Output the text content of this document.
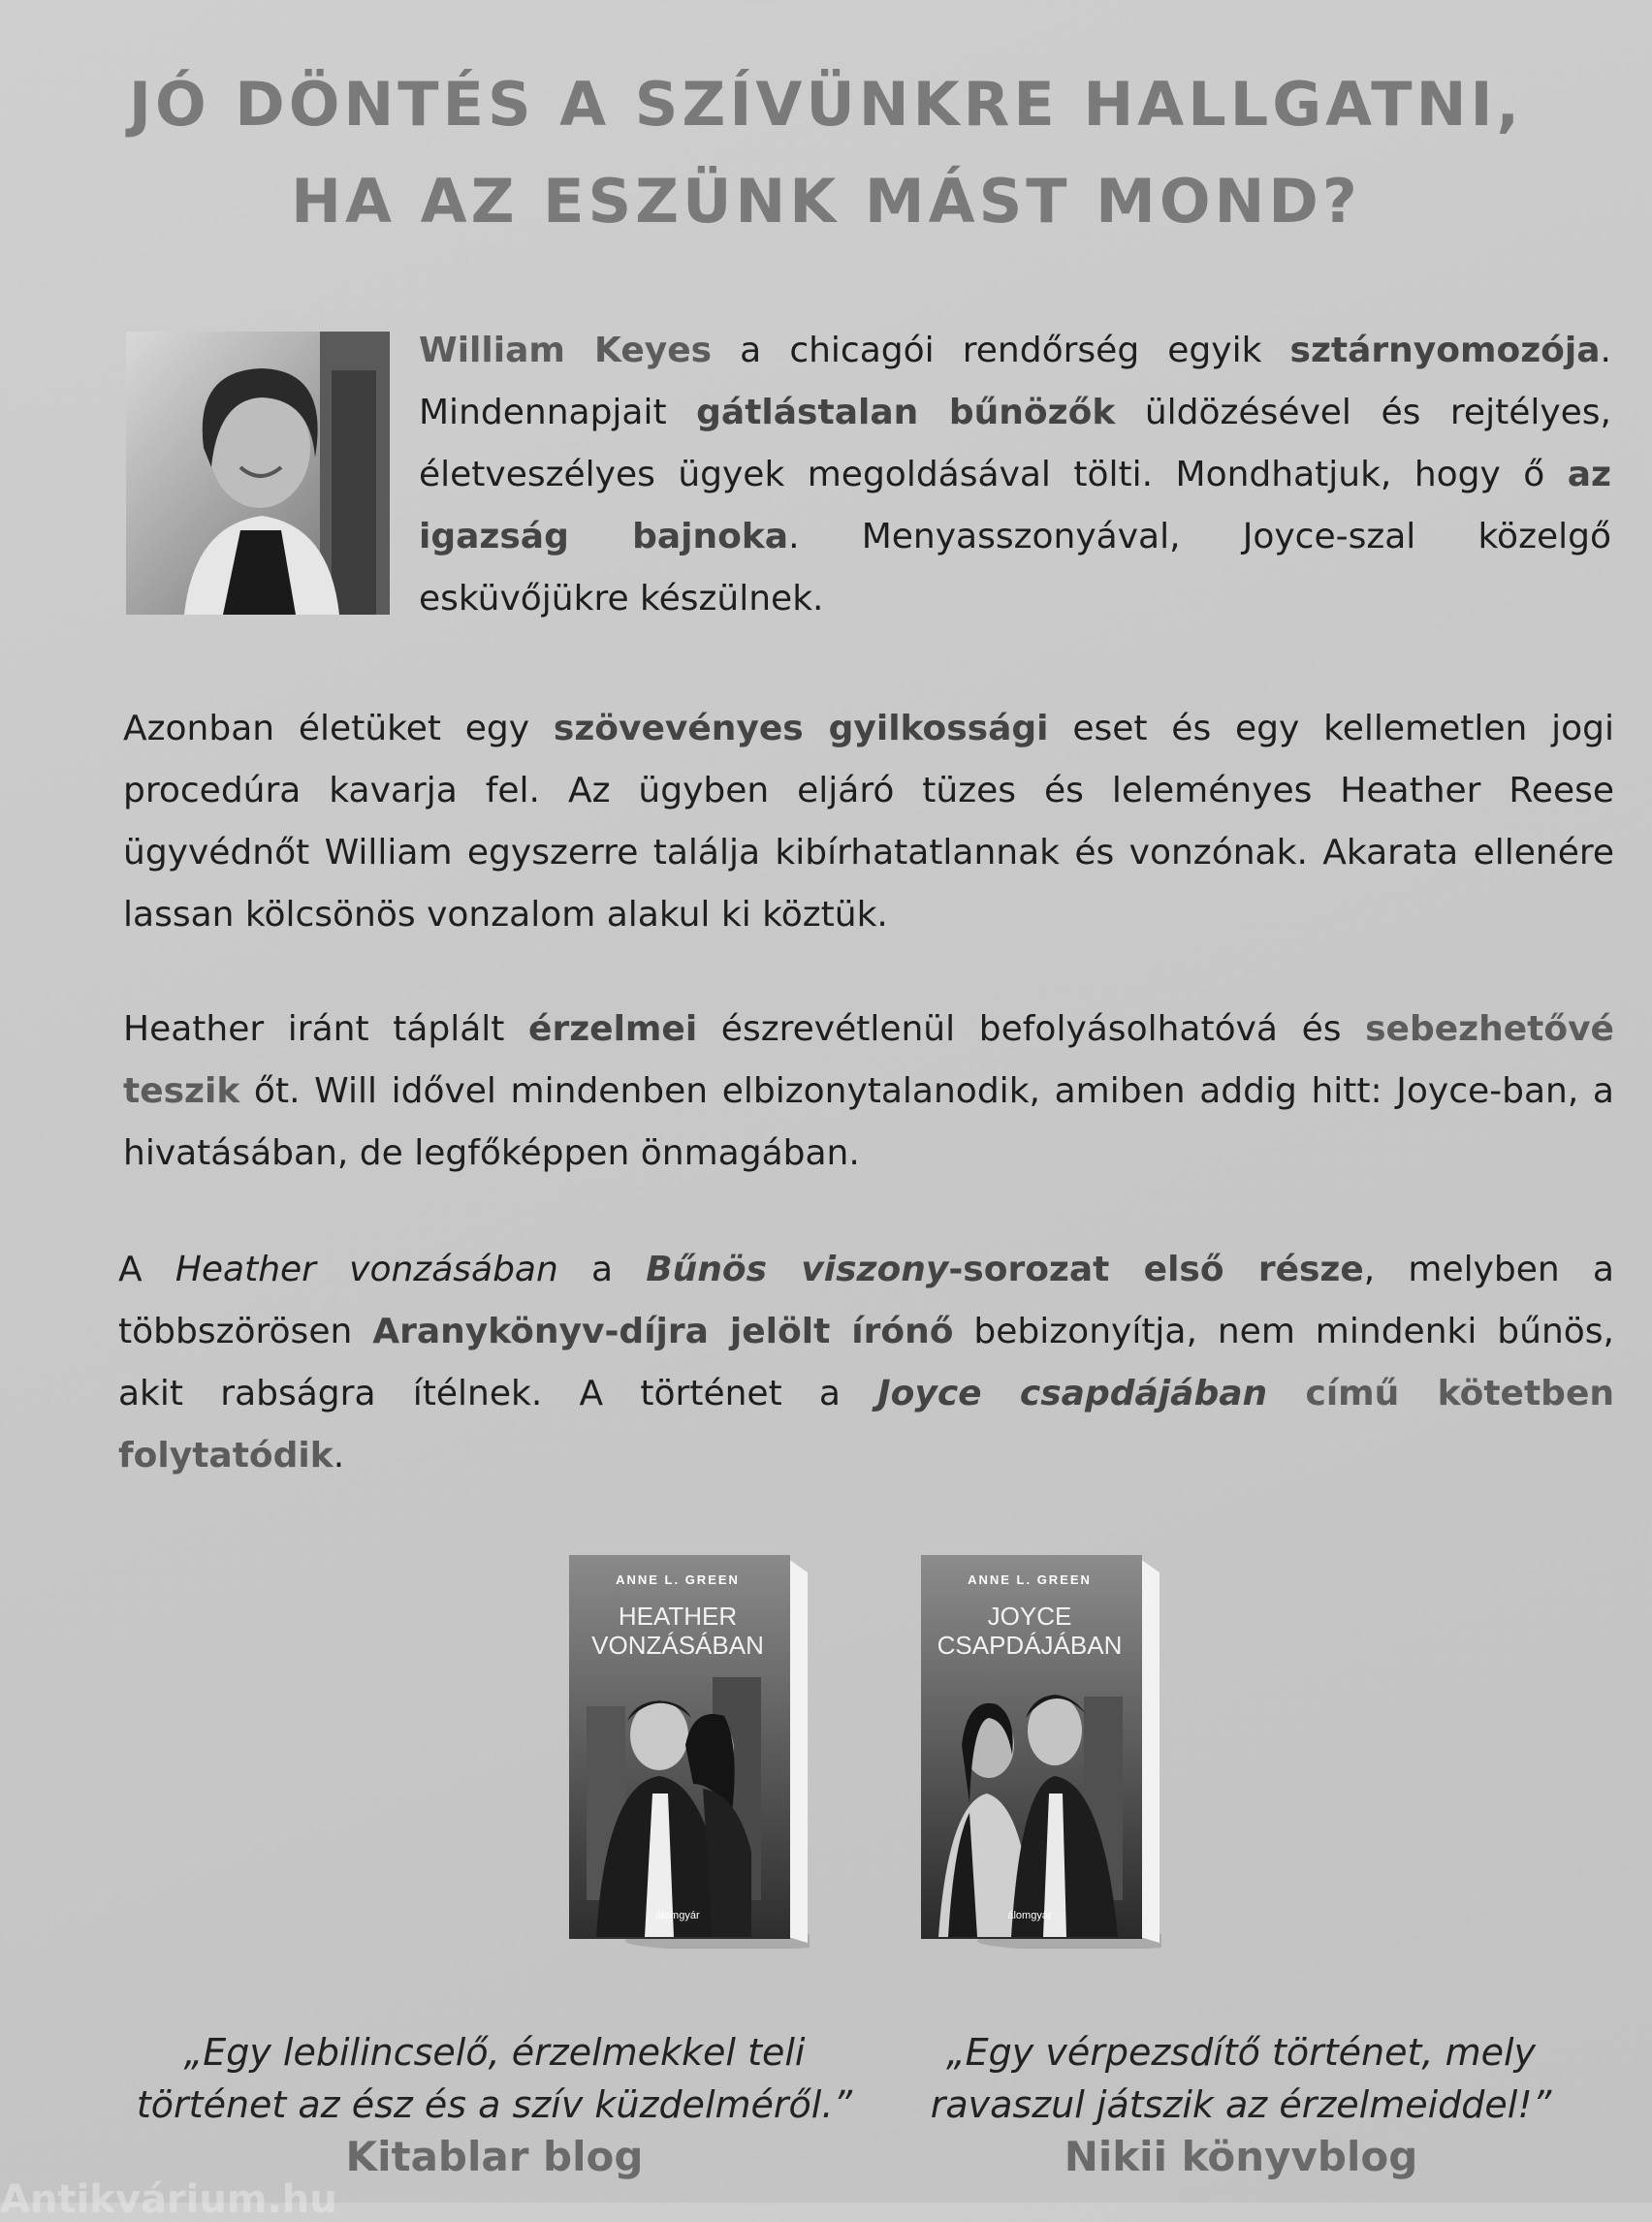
JÓ DÖNTÉS A SZÍVÜNKRE HALLGATNI,
HA AZ ESZÜNK MÁST MOND?

William Keyes a chicagói rendőrség egyik sztárnyomozója. Mindennapjait gátlástalan bűnözők üldözésével és rejtélyes, életveszélyes ügyek megoldásával tölti. Mondhatjuk, hogy ő az igazság bajnoka. Menyasszonyával, Joyce-szal közelgő esküvőjükre készülnek.

Azonban életüket egy szövevényes gyilkossági eset és egy kellemetlen jogi procedúra kavarja fel. Az ügyben eljáró tüzes és leleményes Heather Reese ügyvédnőt William egyszerre találja kibírhatatlannak és vonzónak. Akarata ellenére lassan kölcsönös vonzalom alakul ki köztük.

Heather iránt táplált érzelmei észrevétlenül befolyásolhatóvá és sebezhetővé teszik őt. Will idővel mindenben elbizonytalanodik, amiben addig hitt: Joyce-ban, a hivatásában, de legfőképpen önmagában.

A Heather vonzásában a Bűnös viszony-sorozat első része, melyben a többszörösen Aranykönyv-díjra jelölt írónő bebizonyítja, nem mindenki bűnös, akit rabságra ítélnek. A történet a Joyce csapdájában című kötetben folytatódik.

ANNE L. GREEN
HEATHER
VONZÁSÁBAN
álomgyár
ANNE L. GREEN
JOYCE
CSAPDÁJÁBAN
álomgyár
„Egy lebilincselő, érzelmekkel teli
történet az ész és a szív küzdelméről.”
Kitablar blog
„Egy vérpezsdítő történet, mely
ravaszul játszik az érzelmeiddel!”
Nikii könyvblog
Antikvárium.hu
